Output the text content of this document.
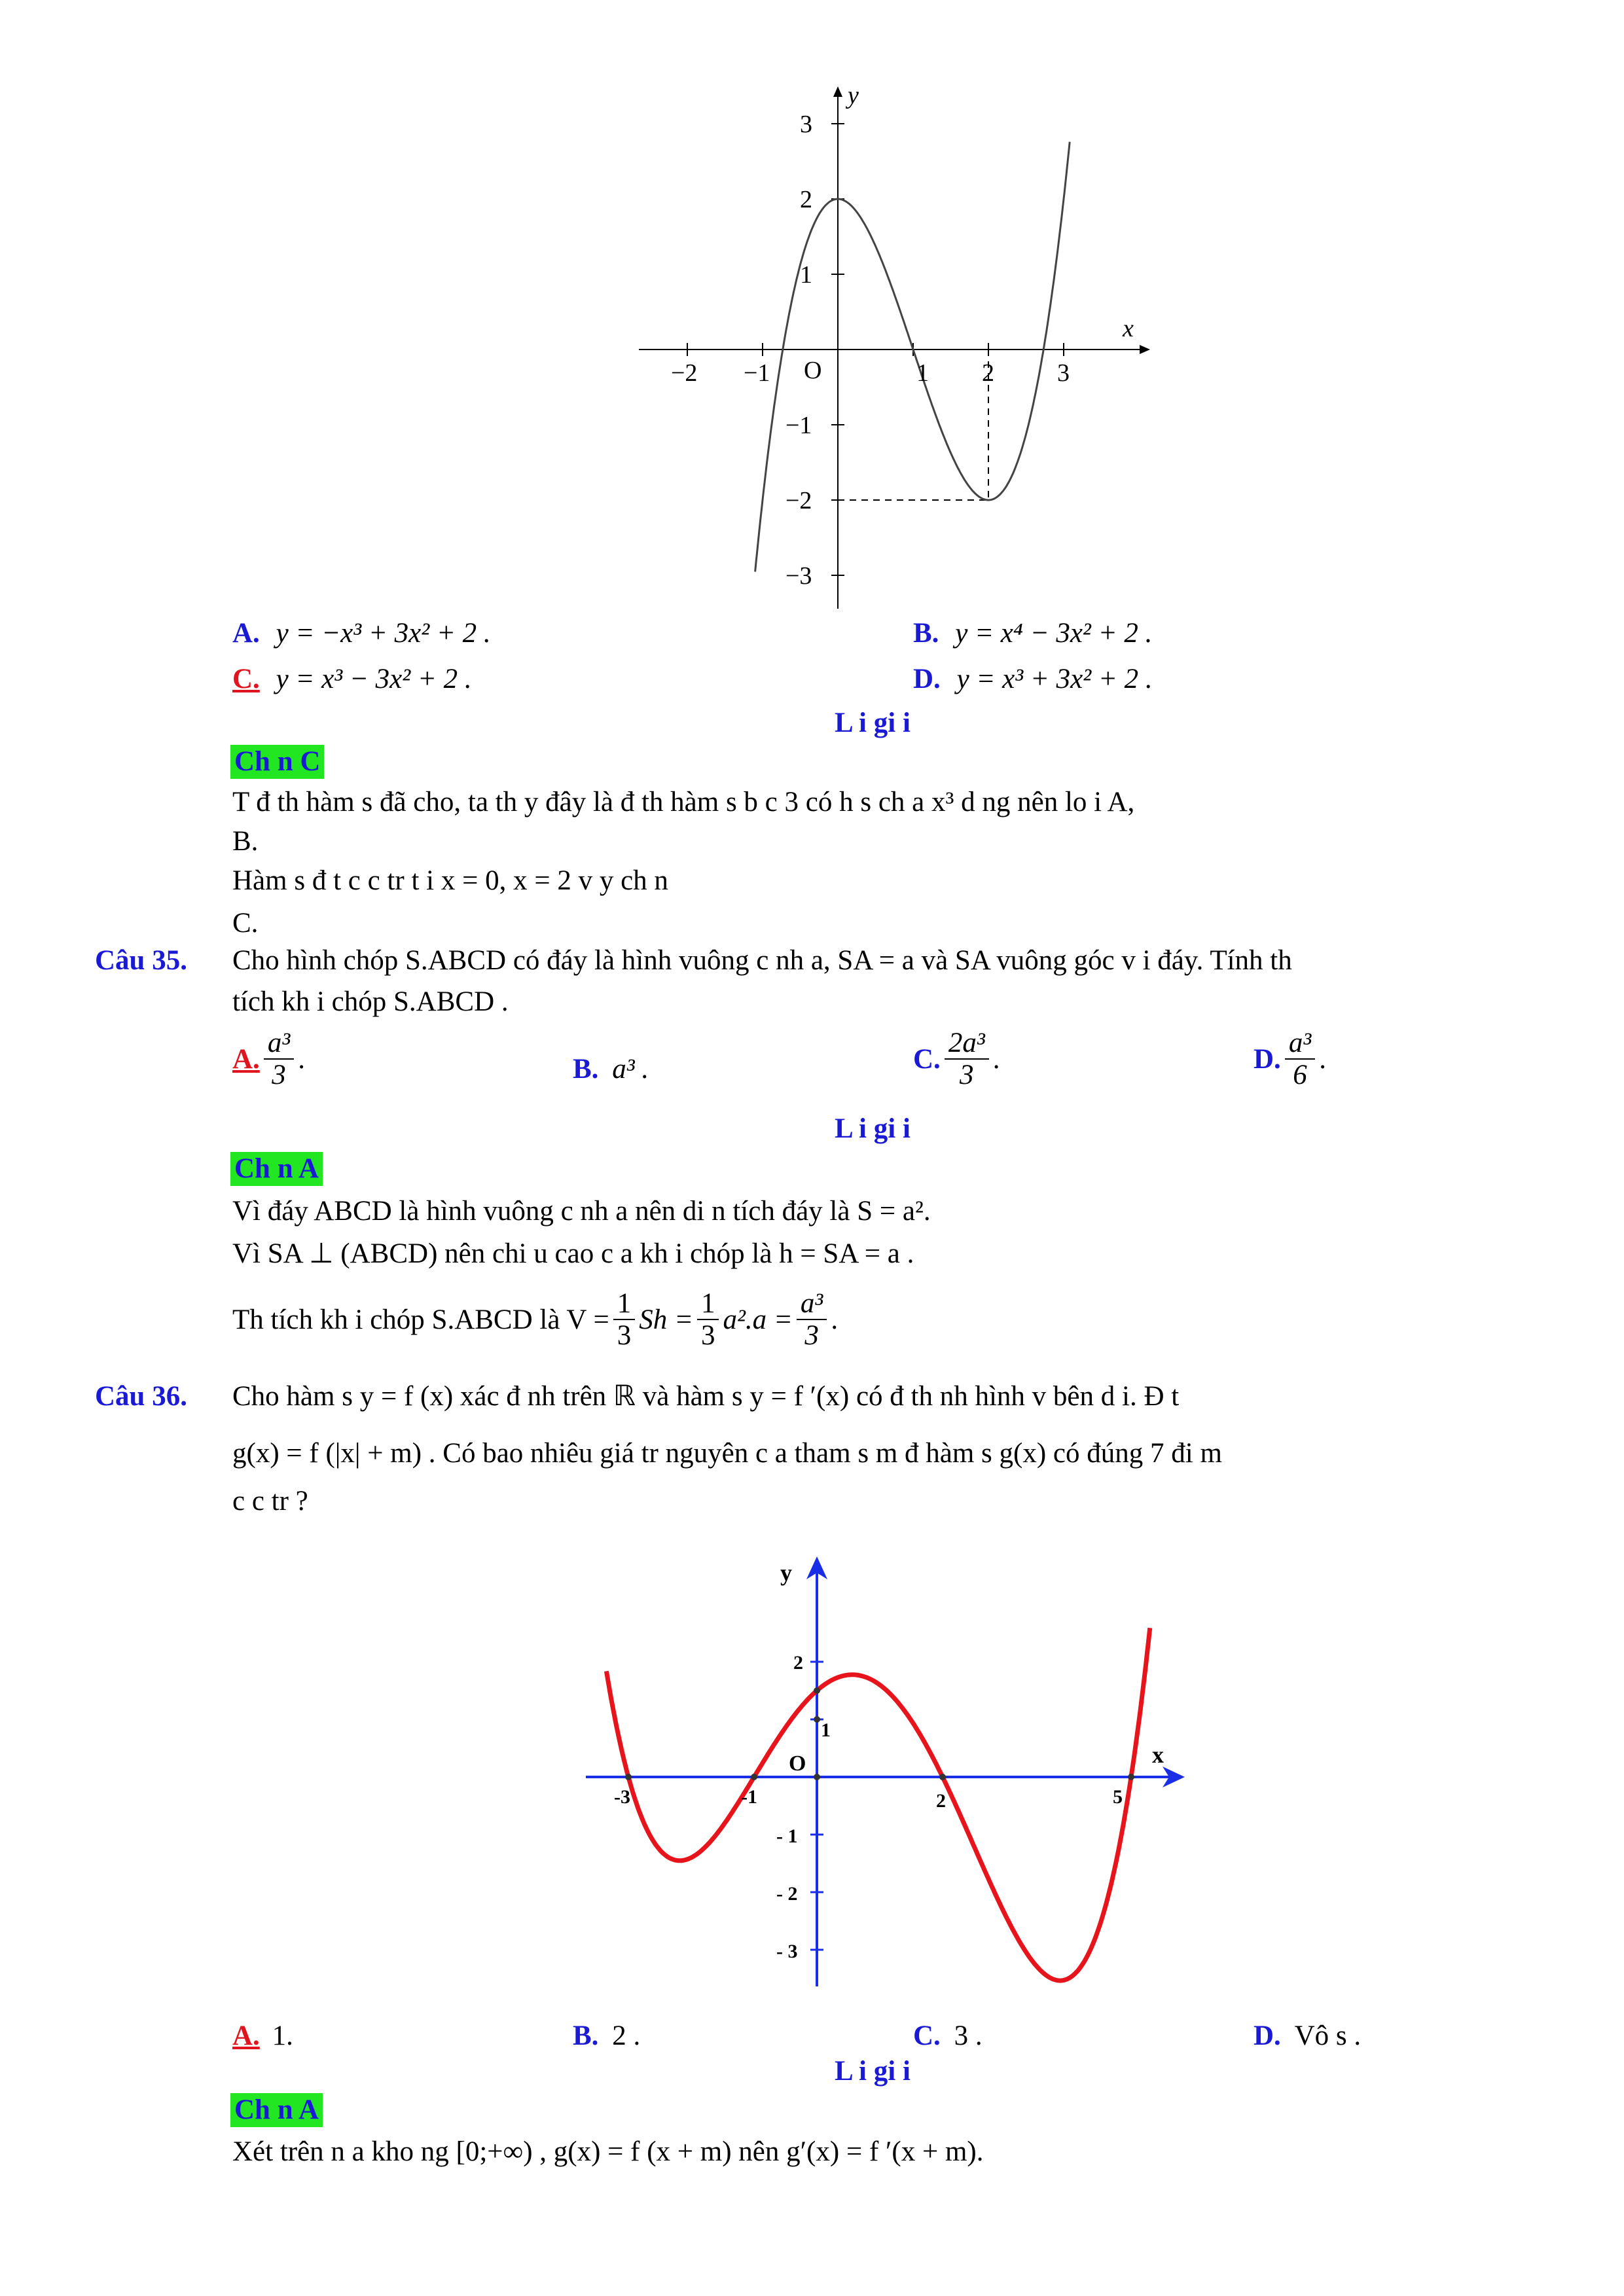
y
x
O
−2 −1	1 2	3
3
2
1
−1
−2
−3
A. y = −x³ + 3x² + 2 .	B. y = x⁴ − 3x² + 2 .
C. y = x³ − 3x² + 2 .	D. y = x³ + 3x² + 2 .
L i gi i
Ch n C
T đ th hàm s đã cho, ta th y đây là đ th hàm s b c 3 có h s ch a x³ d ng nên lo i A,
B.
Hàm s đ t c c tr t i x = 0, x = 2 v y ch n
C.
Câu 35. Cho hình chóp S.ABCD có đáy là hình vuông c nh a, SA = a và SA vuông góc v i đáy. Tính th
tích kh i chóp S.ABCD .
A. $\frac{\text{a³}}{3}$ .	B. a³ .	C. $\frac{\text{2a³}}{3}$ .	D. $\frac{\text{a³}}{6}$ .
L i gi i
Ch n A
Vì đáy ABCD là hình vuông c nh a nên di n tích đáy là S = a².
Vì SA ⊥ (ABCD) nên chi u cao c a kh i chóp là h = SA = a .
Th tích kh i chóp S.ABCD là $V = \frac{1}{3}$ $Sh = \frac{1}{3} a^2.a = \frac{\text{a³}}{3}$ .
Câu 36. Cho hàm s y = f (x) xác đ nh trên ℝ và hàm s y = f ′(x) có đ th nh hình v bên d i. Đ t
g(x) = f (|x| + m) . Có bao nhiêu giá tr nguyên c a tham s m đ hàm s g(x) có đúng 7 đi m
c c tr ?
y
x
O
-3	-1	2	5
2
1
- 1
- 2
- 3
A. 1.	B. 2 .	C. 3 .	D. Vô s .
L i gi i
Ch n A
Xét trên n a kho ng [0;+∞) , g(x) = f (x + m) nên g′(x) = f ′(x + m).
